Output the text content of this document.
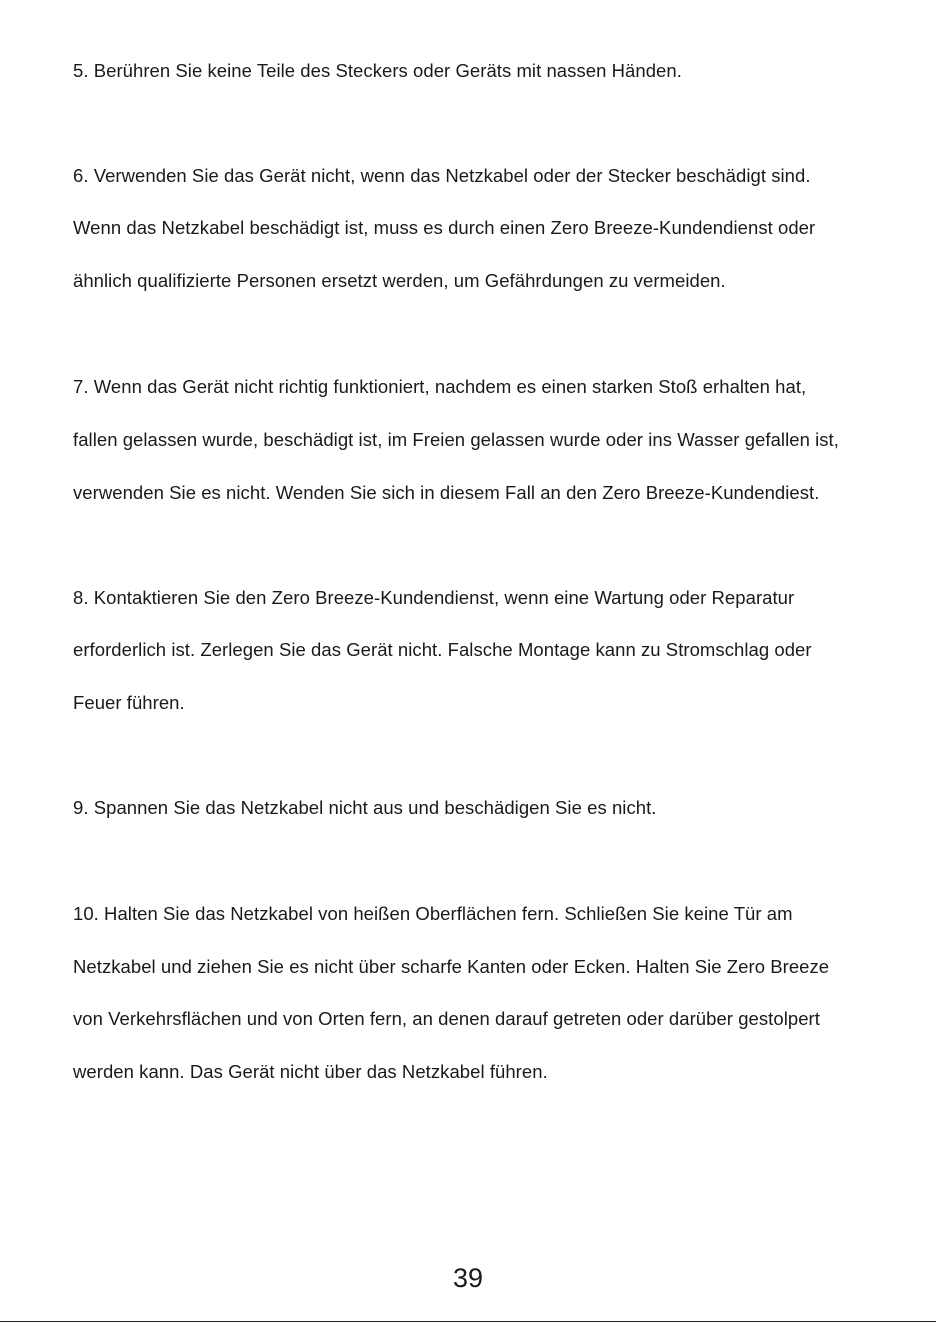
5. Berühren Sie keine Teile des Steckers oder Geräts mit nassen Händen.
6. Verwenden Sie das Gerät nicht, wenn das Netzkabel oder der Stecker beschädigt sind.
Wenn das Netzkabel beschädigt ist, muss es durch einen Zero Breeze-Kundendienst oder
ähnlich qualifizierte Personen ersetzt werden, um Gefährdungen zu vermeiden.
7. Wenn das Gerät nicht richtig funktioniert, nachdem es einen starken Stoß erhalten hat,
fallen gelassen wurde, beschädigt ist, im Freien gelassen wurde oder ins Wasser gefallen ist,
verwenden Sie es nicht. Wenden Sie sich in diesem Fall an den Zero Breeze-Kundendiest.
8. Kontaktieren Sie den Zero Breeze-Kundendienst, wenn eine Wartung oder Reparatur
erforderlich ist. Zerlegen Sie das Gerät nicht. Falsche Montage kann zu Stromschlag oder
Feuer führen.
9. Spannen Sie das Netzkabel nicht aus und beschädigen Sie es nicht.
10. Halten Sie das Netzkabel von heißen Oberflächen fern. Schließen Sie keine Tür am
Netzkabel und ziehen Sie es nicht über scharfe Kanten oder Ecken. Halten Sie Zero Breeze
von Verkehrsflächen und von Orten fern, an denen darauf getreten oder darüber gestolpert
werden kann. Das Gerät nicht über das Netzkabel führen.
39
